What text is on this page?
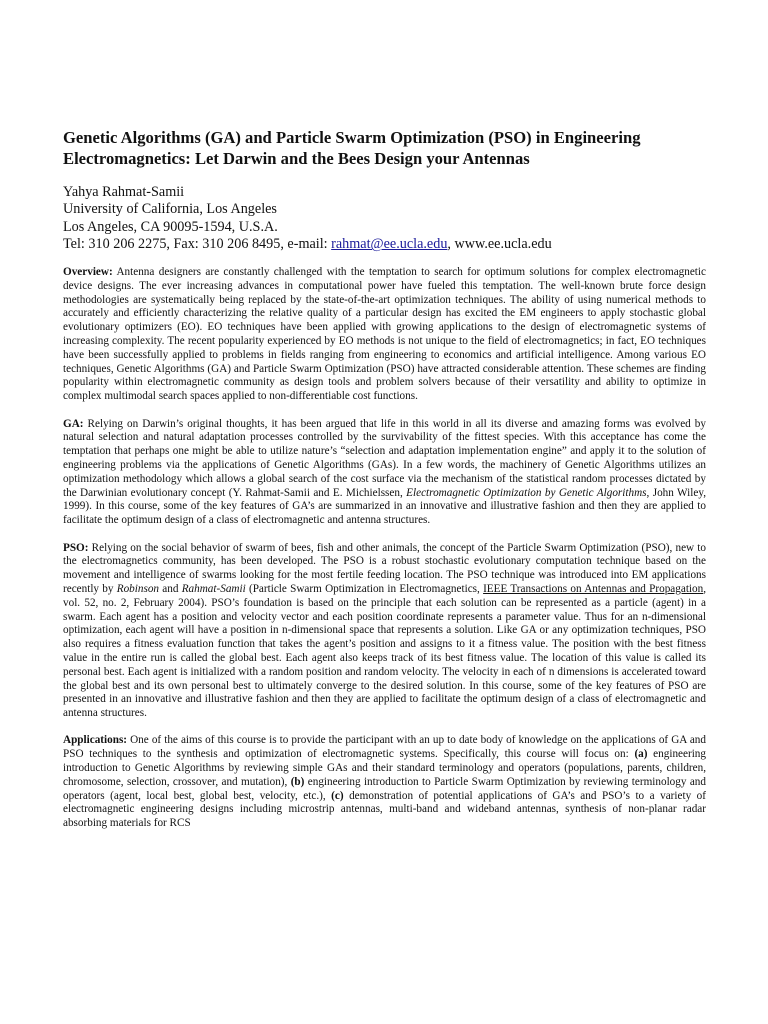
Genetic Algorithms (GA) and Particle Swarm Optimization (PSO) in Engineering
Electromagnetics: Let Darwin and the Bees Design your Antennas
Yahya Rahmat-Samii
University of California, Los Angeles
Los Angeles, CA 90095-1594, U.S.A.
Tel: 310 206 2275, Fax: 310 206 8495, e-mail: rahmat@ee.ucla.edu, www.ee.ucla.edu

Overview: Antenna designers are constantly challenged with the temptation to search for optimum solutions for complex electromagnetic device designs. The ever increasing advances in computational power have fueled this temptation. The well-known brute force design methodologies are systematically being replaced by the state-of-the-art optimization techniques. The ability of using numerical methods to accurately and efficiently characterizing the relative quality of a particular design has excited the EM engineers to apply stochastic global evolutionary optimizers (EO). EO techniques have been applied with growing applications to the design of electromagnetic systems of increasing complexity. The recent popularity experienced by EO methods is not unique to the field of electromagnetics; in fact, EO techniques have been successfully applied to problems in fields ranging from engineering to economics and artificial intelligence. Among various EO techniques, Genetic Algorithms (GA) and Particle Swarm Optimization (PSO) have attracted considerable attention. These schemes are finding popularity within electromagnetic community as design tools and problem solvers because of their versatility and ability to optimize in complex multimodal search spaces applied to non-differentiable cost functions.

GA: Relying on Darwin’s original thoughts, it has been argued that life in this world in all its diverse and amazing forms was evolved by natural selection and natural adaptation processes controlled by the survivability of the fittest species. With this acceptance has come the temptation that perhaps one might be able to utilize nature’s “selection and adaptation implementation engine” and apply it to the solution of engineering problems via the applications of Genetic Algorithms (GAs). In a few words, the machinery of Genetic Algorithms utilizes an optimization methodology which allows a global search of the cost surface via the mechanism of the statistical random processes dictated by the Darwinian evolutionary concept (Y. Rahmat-Samii and E. Michielssen, Electromagnetic Optimization by Genetic Algorithms, John Wiley, 1999). In this course, some of the key features of GA’s are summarized in an innovative and illustrative fashion and then they are applied to facilitate the optimum design of a class of electromagnetic and antenna structures.

PSO: Relying on the social behavior of swarm of bees, fish and other animals, the concept of the Particle Swarm Optimization (PSO), new to the electromagnetics community, has been developed. The PSO is a robust stochastic evolutionary computation technique based on the movement and intelligence of swarms looking for the most fertile feeding location. The PSO technique was introduced into EM applications recently by Robinson and Rahmat-Samii (Particle Swarm Optimization in Electromagnetics, IEEE Transactions on Antennas and Propagation, vol. 52, no. 2, February 2004). PSO’s foundation is based on the principle that each solution can be represented as a particle (agent) in a swarm. Each agent has a position and velocity vector and each position coordinate represents a parameter value. Thus for an n-dimensional optimization, each agent will have a position in n-dimensional space that represents a solution. Like GA or any optimization techniques, PSO also requires a fitness evaluation function that takes the agent’s position and assigns to it a fitness value. The position with the best fitness value in the entire run is called the global best. Each agent also keeps track of its best fitness value. The location of this value is called its personal best. Each agent is initialized with a random position and random velocity. The velocity in each of n dimensions is accelerated toward the global best and its own personal best to ultimately converge to the desired solution. In this course, some of the key features of PSO are presented in an innovative and illustrative fashion and then they are applied to facilitate the optimum design of a class of electromagnetic and antenna structures.

Applications: One of the aims of this course is to provide the participant with an up to date body of knowledge on the applications of GA and PSO techniques to the synthesis and optimization of electromagnetic systems. Specifically, this course will focus on: (a) engineering introduction to Genetic Algorithms by reviewing simple GAs and their standard terminology and operators (populations, parents, children, chromosome, selection, crossover, and mutation), (b) engineering introduction to Particle Swarm Optimization by reviewing terminology and operators (agent, local best, global best, velocity, etc.), (c) demonstration of potential applications of GA’s and PSO’s to a variety of electromagnetic engineering designs including microstrip antennas, multi-band and wideband antennas, synthesis of non-planar radar absorbing materials for RCS
